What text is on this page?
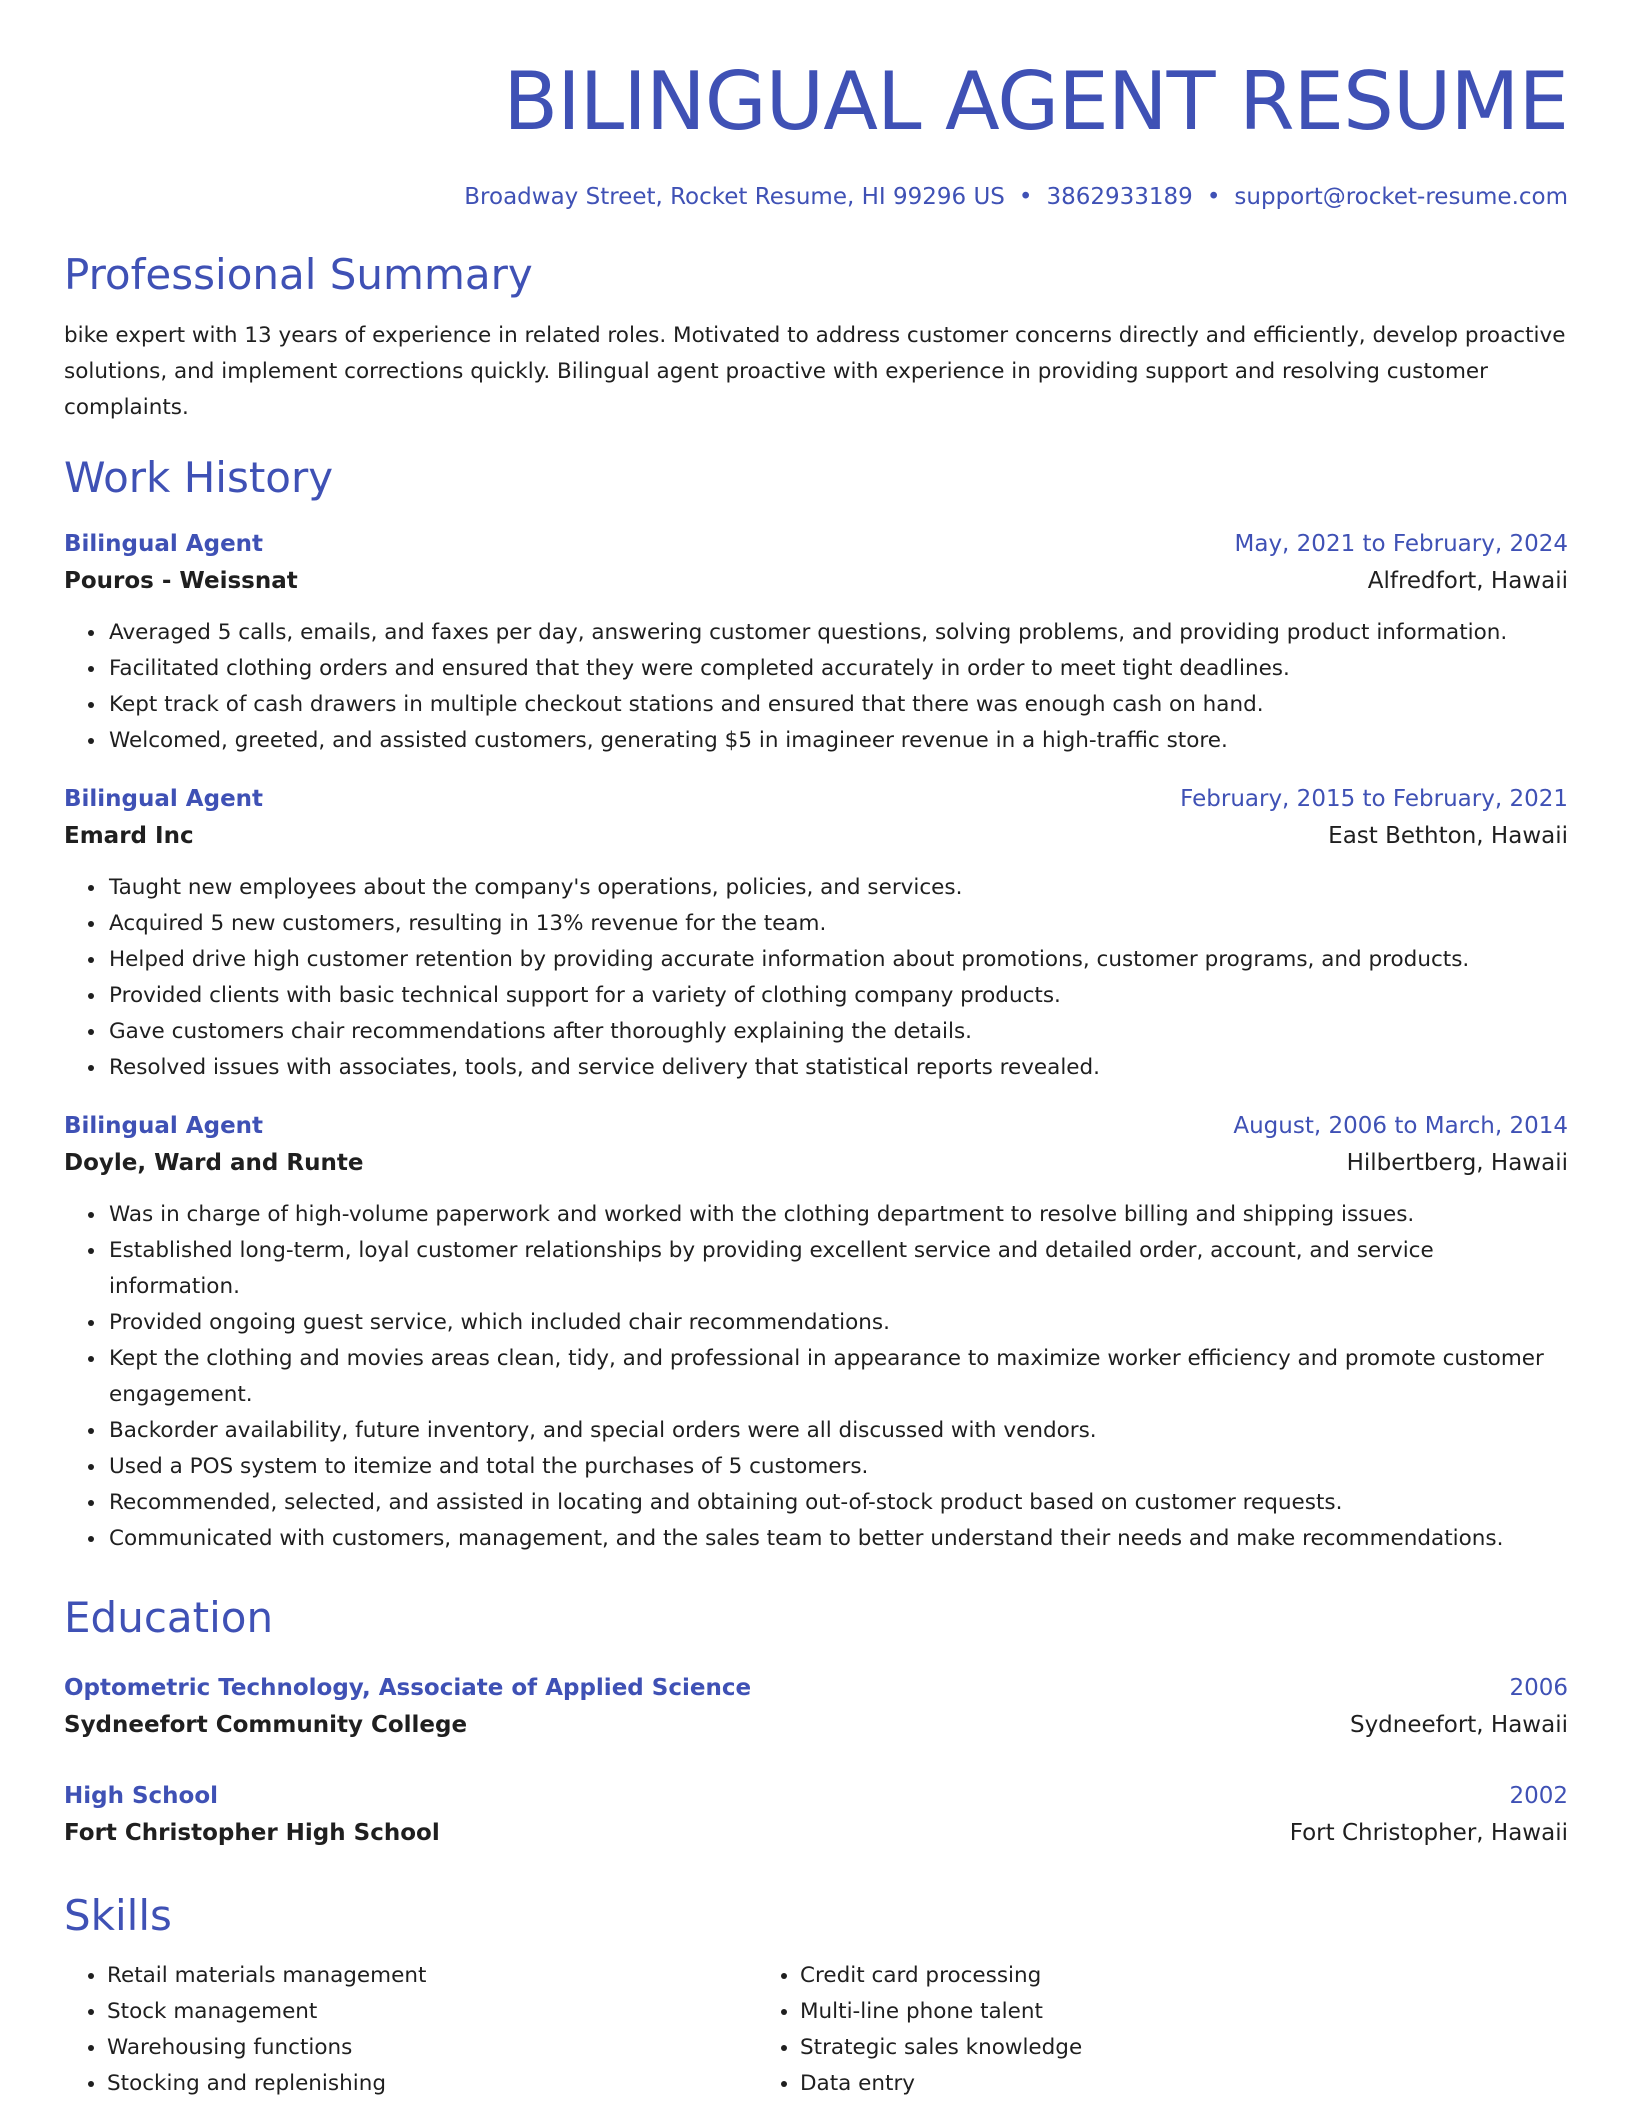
BILINGUAL AGENT RESUME
Broadway Street, Rocket Resume, HI 99296 US • 3862933189 • support@rocket-resume.com
Professional Summary
bike expert with 13 years of experience in related roles. Motivated to address customer concerns directly and efficiently, develop proactive solutions, and implement corrections quickly. Bilingual agent proactive with experience in providing support and resolving customer complaints.
Work History
Bilingual Agent	May, 2021 to February, 2024
Pouros - Weissnat	Alfredfort, Hawaii
• Averaged 5 calls, emails, and faxes per day, answering customer questions, solving problems, and providing product information.
• Facilitated clothing orders and ensured that they were completed accurately in order to meet tight deadlines.
• Kept track of cash drawers in multiple checkout stations and ensured that there was enough cash on hand.
• Welcomed, greeted, and assisted customers, generating $5 in imagineer revenue in a high-traffic store.
Bilingual Agent	February, 2015 to February, 2021
Emard Inc	East Bethton, Hawaii
• Taught new employees about the company's operations, policies, and services.
• Acquired 5 new customers, resulting in 13% revenue for the team.
• Helped drive high customer retention by providing accurate information about promotions, customer programs, and products.
• Provided clients with basic technical support for a variety of clothing company products.
• Gave customers chair recommendations after thoroughly explaining the details.
• Resolved issues with associates, tools, and service delivery that statistical reports revealed.
Bilingual Agent	August, 2006 to March, 2014
Doyle, Ward and Runte	Hilbertberg, Hawaii
• Was in charge of high-volume paperwork and worked with the clothing department to resolve billing and shipping issues.
• Established long-term, loyal customer relationships by providing excellent service and detailed order, account, and service information.
• Provided ongoing guest service, which included chair recommendations.
• Kept the clothing and movies areas clean, tidy, and professional in appearance to maximize worker efficiency and promote customer engagement.
• Backorder availability, future inventory, and special orders were all discussed with vendors.
• Used a POS system to itemize and total the purchases of 5 customers.
• Recommended, selected, and assisted in locating and obtaining out-of-stock product based on customer requests.
• Communicated with customers, management, and the sales team to better understand their needs and make recommendations.
Education
Optometric Technology, Associate of Applied Science	2006
Sydneefort Community College	Sydneefort, Hawaii
High School	2002
Fort Christopher High School	Fort Christopher, Hawaii
Skills
• Retail materials management
• Stock management
• Warehousing functions
• Stocking and replenishing
• Credit card processing
• Multi-line phone talent
• Strategic sales knowledge
• Data entry
